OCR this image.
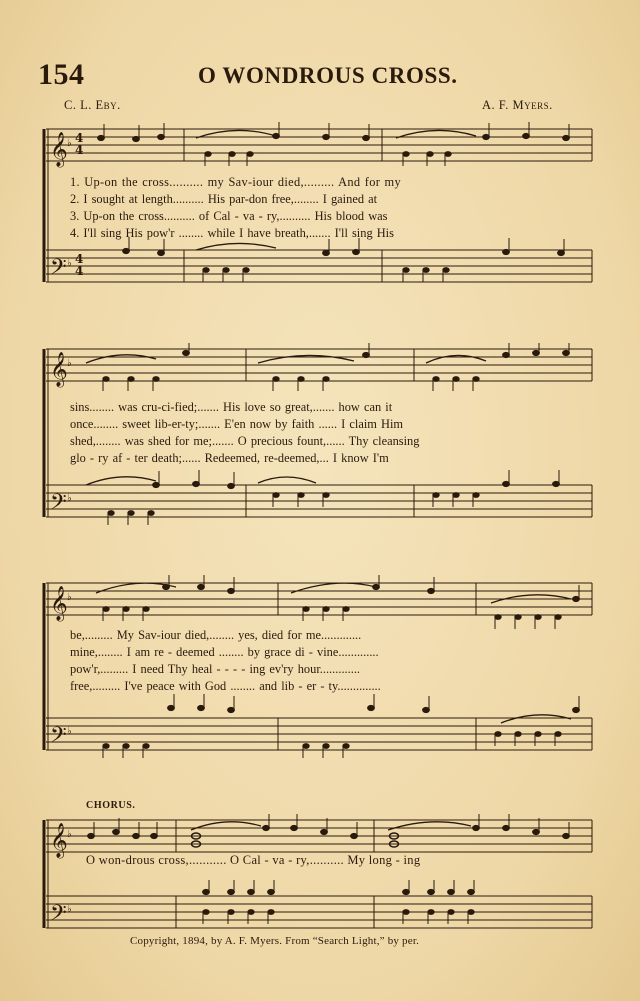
154	O WONDROUS CROSS.
C. L. Eby.	A. F. Myers.
𝄞
𝄢
♭
♭
4
4
4
4
1. Up-on the cross.......... my Sav-iour died,......... And for my
2. I sought at length.......... His par-don free,........ I gained at
3. Up-on the cross.......... of Cal - va - ry,.......... His blood was
4. I'll sing His pow'r ........ while I have breath,....... I'll sing His
𝄞
𝄢
♭
♭
sins........ was cru-ci-fied;....... His love so great,....... how can it
once........ sweet lib-er-ty;....... E'en now by faith ...... I claim Him
shed,........ was shed for me;....... O precious fount,...... Thy cleansing
glo - ry af - ter death;...... Redeemed, re-deemed,... I know I'm
𝄞
𝄢
♭
♭
be,......... My Sav-iour died,........ yes, died for me.............
mine,........ I am re - deemed ........ by grace di - vine.............
pow'r,......... I need Thy heal - - - - ing ev'ry hour.............
free,......... I've peace with God ........ and lib - er - ty..............
CHORUS.
𝄞
𝄢
♭
♭
O won-drous cross,........... O Cal - va - ry,.......... My long - ing
Copyright, 1894, by A. F. Myers. From “Search Light,” by per.
